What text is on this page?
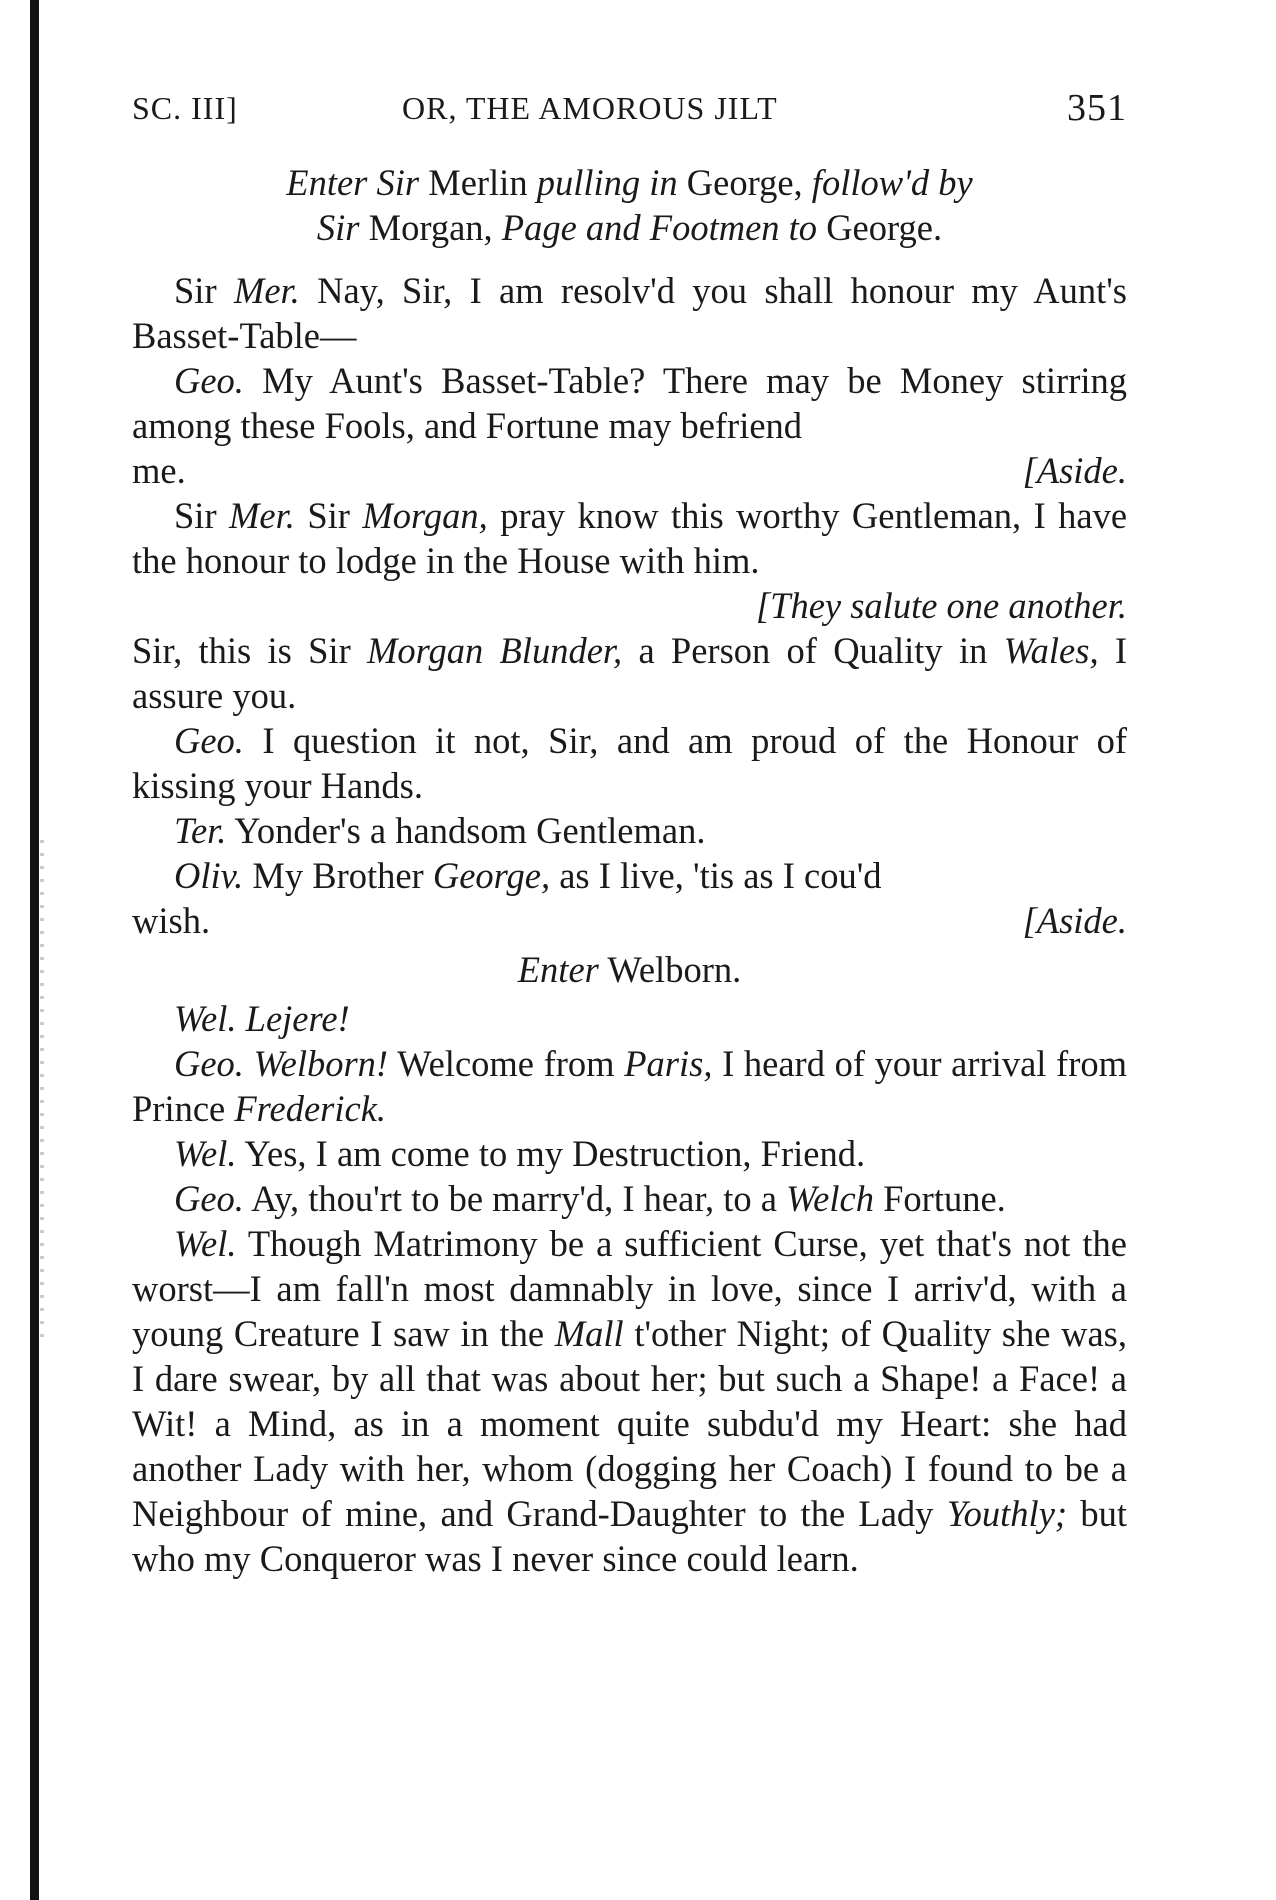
SC. III]	OR, THE AMOROUS JILT	351
Enter Sir Merlin pulling in George, follow'd by
Sir Morgan, Page and Footmen to George.

Sir Mer. Nay, Sir, I am resolv'd you shall honour my Aunt's Basset-Table—

Geo. My Aunt's Basset-Table? There may be Money stirring among these Fools, and Fortune may befriend

me.	[Aside.

Sir Mer. Sir Morgan, pray know this worthy Gentleman, I have the honour to lodge in the House with him.

[They salute one another.

Sir, this is Sir Morgan Blunder, a Person of Quality in Wales, I assure you.

Geo. I question it not, Sir, and am proud of the Honour of kissing your Hands.

Ter. Yonder's a handsom Gentleman.

Oliv. My Brother George, as I live, 'tis as I cou'd

wish.	[Aside.
Enter Welborn.

Wel. Lejere!

Geo. Welborn! Welcome from Paris, I heard of your arrival from Prince Frederick.

Wel. Yes, I am come to my Destruction, Friend.

Geo. Ay, thou'rt to be marry'd, I hear, to a Welch Fortune.

Wel. Though Matrimony be a sufficient Curse, yet that's not the worst—I am fall'n most damnably in love, since I arriv'd, with a young Creature I saw in the Mall t'other Night; of Quality she was, I dare swear, by all that was about her; but such a Shape! a Face! a Wit! a Mind, as in a moment quite subdu'd my Heart: she had another Lady with her, whom (dogging her Coach) I found to be a Neighbour of mine, and Grand-Daughter to the Lady Youthly; but who my Conqueror was I never since could learn.
